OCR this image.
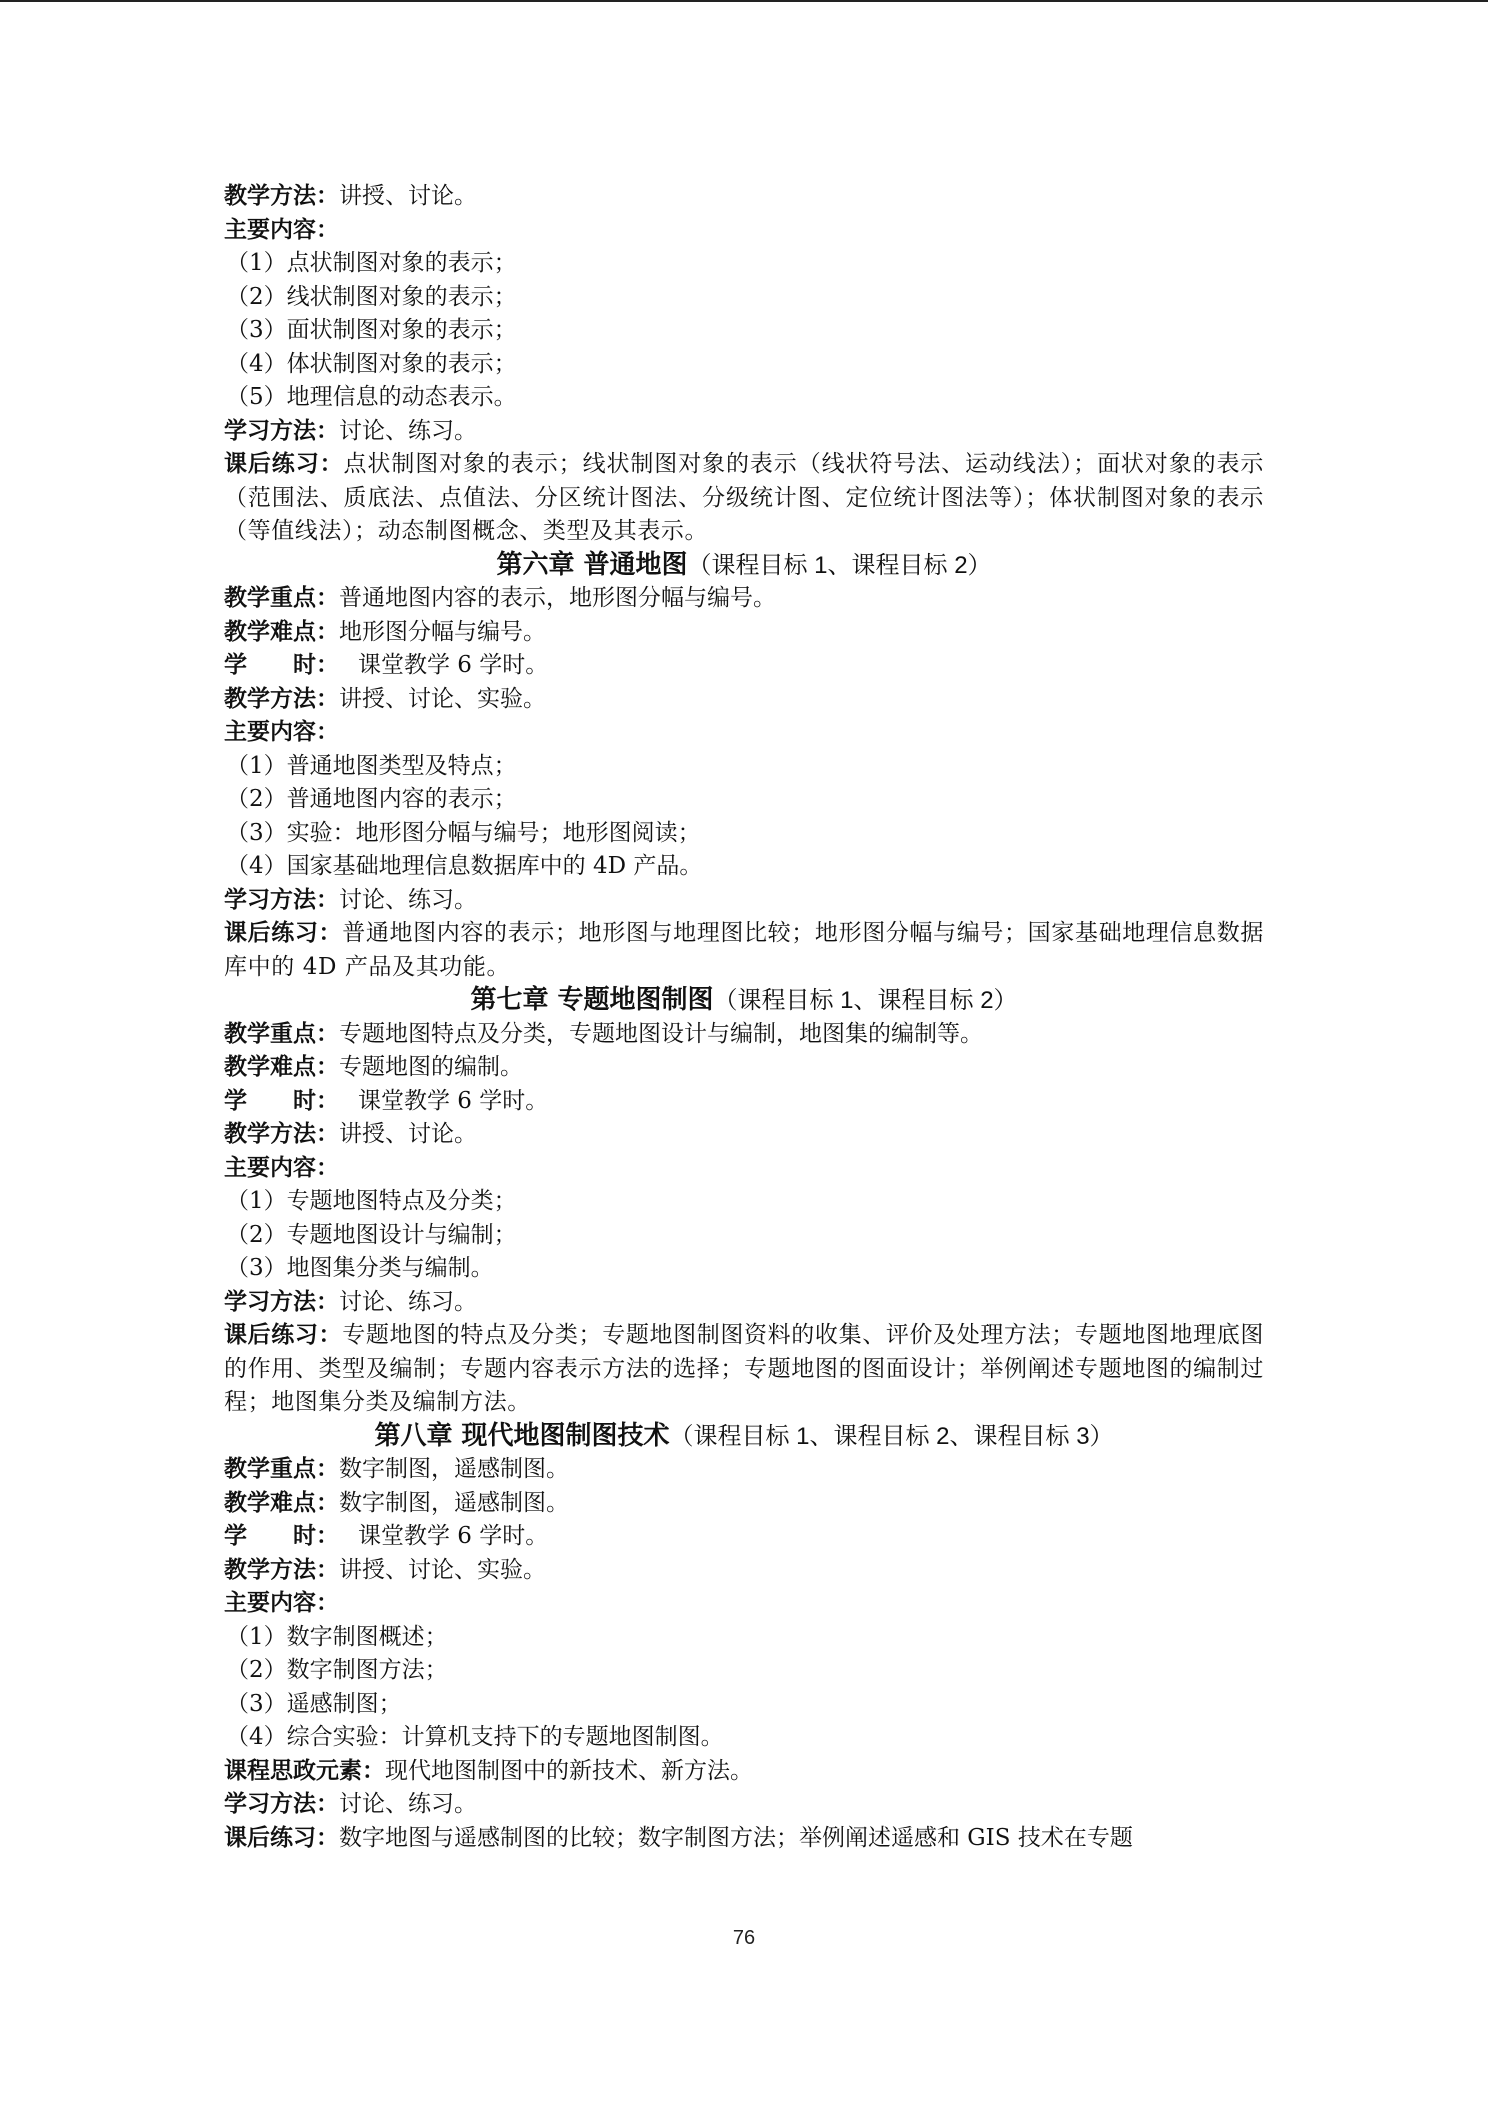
教学方法：讲授、讨论。
主要内容：
（1）点状制图对象的表示；
（2）线状制图对象的表示；
（3）面状制图对象的表示；
（4）体状制图对象的表示；
（5）地理信息的动态表示。
学习方法：讨论、练习。
课后练习：点状制图对象的表示；线状制图对象的表示（线状符号法、运动线法）；面状对象的表示（范围法、质底法、点值法、分区统计图法、分级统计图、定位统计图法等）；体状制图对象的表示（等值线法）；动态制图概念、类型及其表示。
第六章 普通地图（课程目标 1、课程目标 2）
教学重点：普通地图内容的表示，地形图分幅与编号。
教学难点：地形图分幅与编号。
学　　时： 课堂教学 6 学时。
教学方法：讲授、讨论、实验。
主要内容：
（1）普通地图类型及特点；
（2）普通地图内容的表示；
（3）实验：地形图分幅与编号；地形图阅读；
（4）国家基础地理信息数据库中的 4D 产品。
学习方法：讨论、练习。
课后练习：普通地图内容的表示；地形图与地理图比较；地形图分幅与编号；国家基础地理信息数据库中的 4D 产品及其功能。
第七章 专题地图制图（课程目标 1、课程目标 2）
教学重点：专题地图特点及分类，专题地图设计与编制，地图集的编制等。
教学难点：专题地图的编制。
学　　时： 课堂教学 6 学时。
教学方法：讲授、讨论。
主要内容：
（1）专题地图特点及分类；
（2）专题地图设计与编制；
（3）地图集分类与编制。
学习方法：讨论、练习。
课后练习：专题地图的特点及分类；专题地图制图资料的收集、评价及处理方法；专题地图地理底图的作用、类型及编制；专题内容表示方法的选择；专题地图的图面设计；举例阐述专题地图的编制过程；地图集分类及编制方法。
第八章 现代地图制图技术（课程目标 1、课程目标 2、课程目标 3）
教学重点：数字制图，遥感制图。
教学难点：数字制图，遥感制图。
学　　时： 课堂教学 6 学时。
教学方法：讲授、讨论、实验。
主要内容：
（1）数字制图概述；
（2）数字制图方法；
（3）遥感制图；
（4）综合实验：计算机支持下的专题地图制图。
课程思政元素：现代地图制图中的新技术、新方法。
学习方法：讨论、练习。
课后练习：数字地图与遥感制图的比较；数字制图方法；举例阐述遥感和 GIS 技术在专题
76
